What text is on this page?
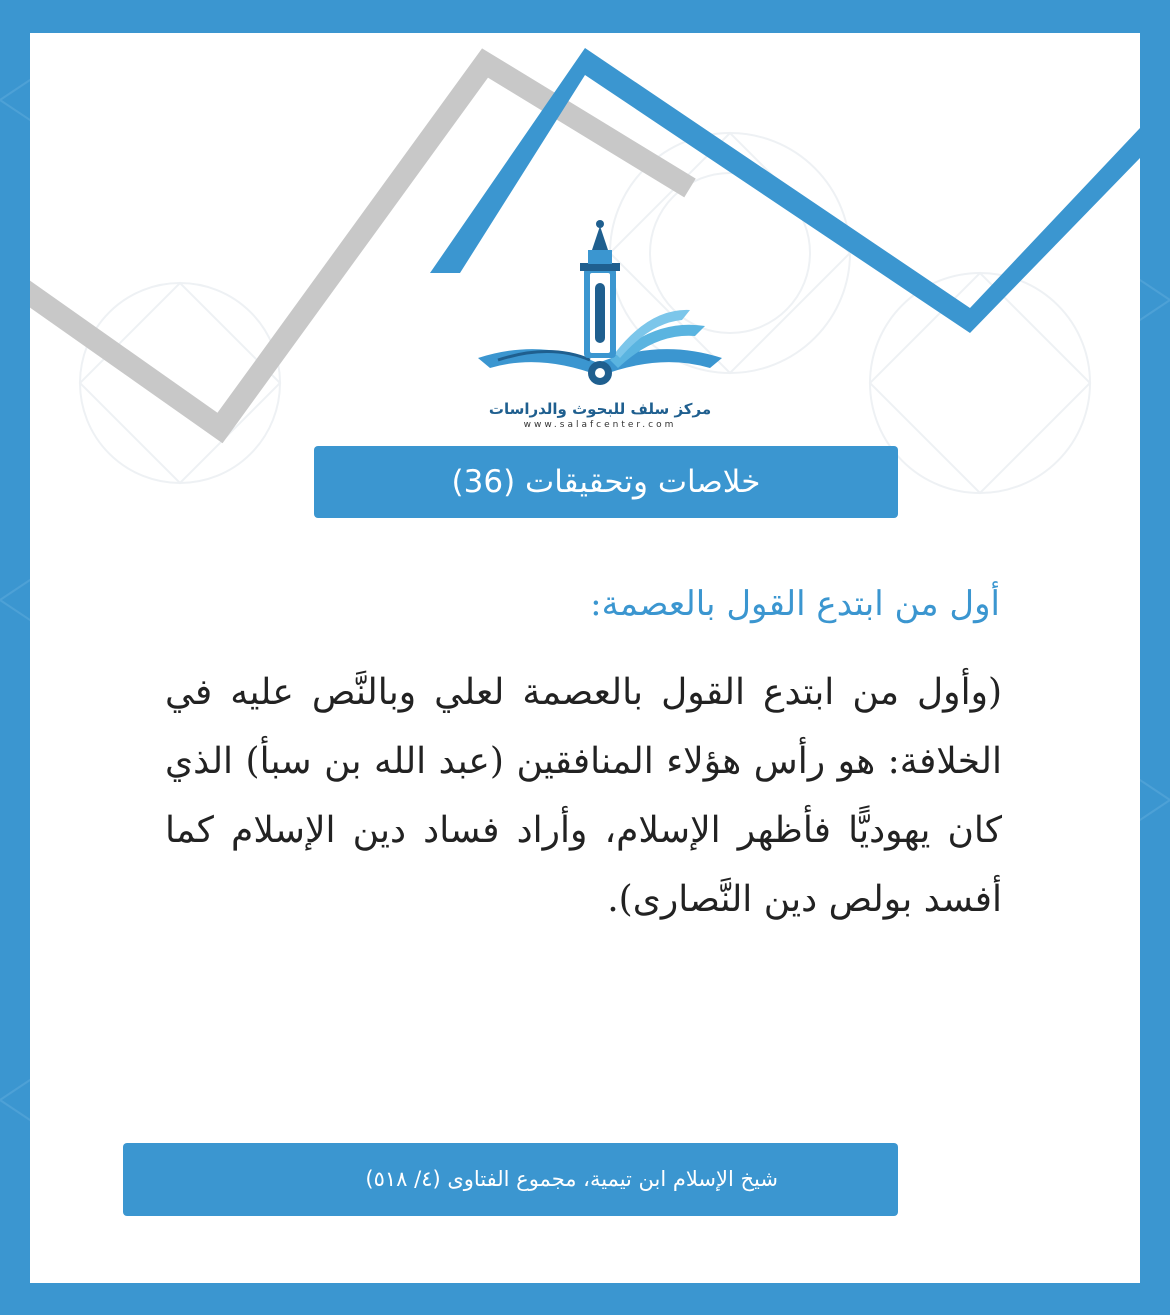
مركز سلف للبحوث والدراسات
www.salafcenter.com
خلاصات وتحقيقات (36)
أول من ابتدع القول بالعصمة:
(وأول من ابتدع القول بالعصمة لعلي وبالنَّص عليه في الخلافة: هو رأس هؤلاء المنافقين (عبد الله بن سبأ) الذي كان يهوديًّا فأظهر الإسلام، وأراد فساد دين الإسلام كما أفسد بولص دين النَّصارى).
شيخ الإسلام ابن تيمية، مجموع الفتاوى (٤/ ٥١٨)
